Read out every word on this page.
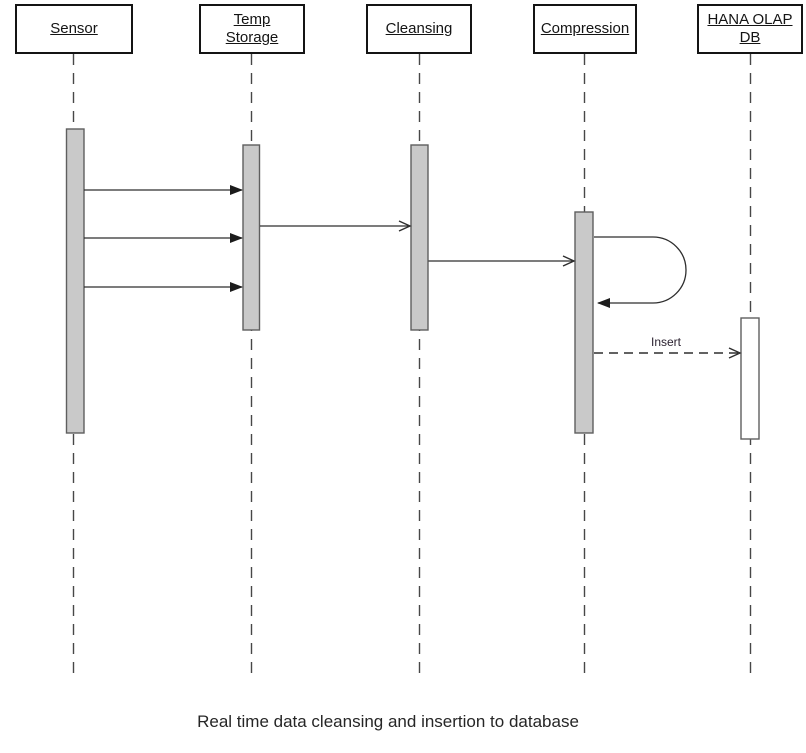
Sensor
Temp Storage
Cleansing	Compression
HANA OLAP DB
Insert
Real time data cleansing and insertion to database
